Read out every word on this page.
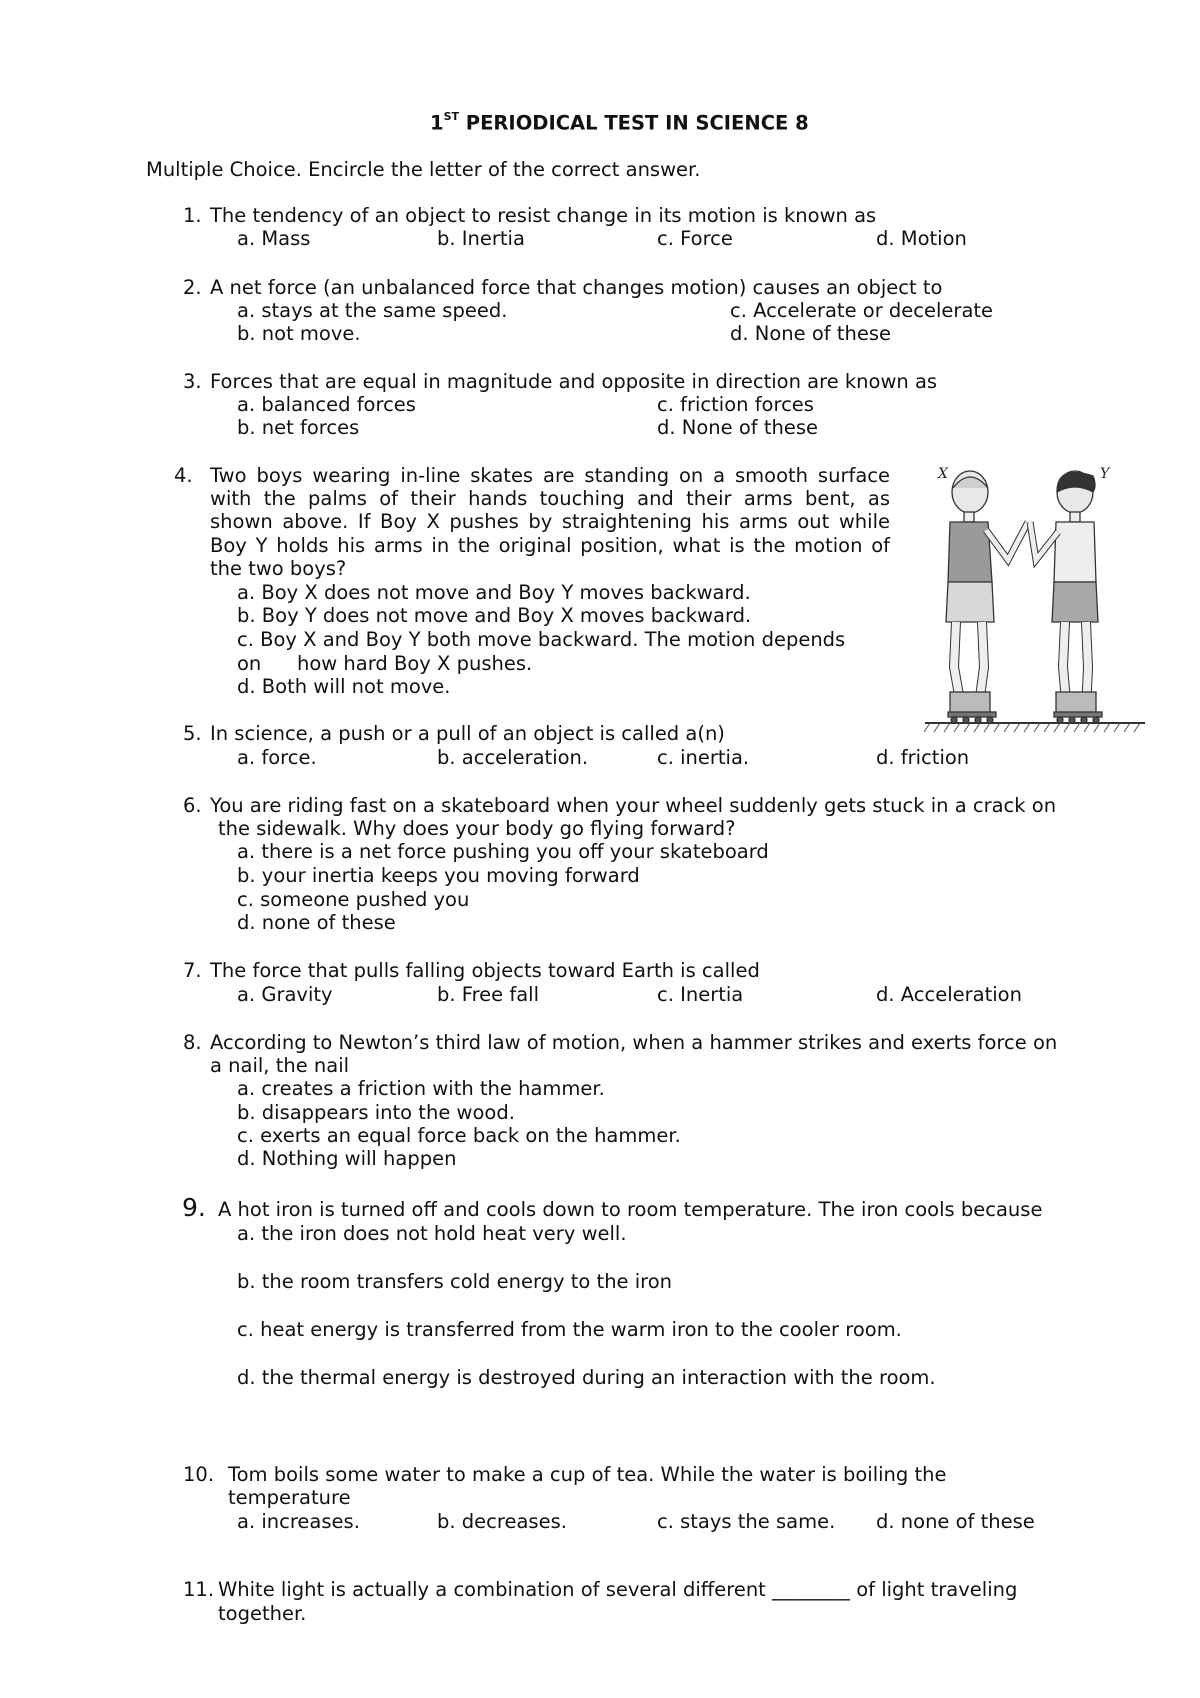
1ST PERIODICAL TEST IN SCIENCE 8
Multiple Choice. Encircle the letter of the correct answer.
1. The tendency of an object to resist change in its motion is known as
a. Mass	b. Inertia	c. Force	d. Motion
2. A net force (an unbalanced force that changes motion) causes an object to
a. stays at the same speed.	c. Accelerate or decelerate
b. not move.	d. None of these
3. Forces that are equal in magnitude and opposite in direction are known as
a. balanced forces	c. friction forces
b. net forces	d. None of these
4. Two boys wearing in-line skates are standing on a smooth surface
with the palms of their hands touching and their arms bent, as
shown above. If Boy X pushes by straightening his arms out while
Boy Y holds his arms in the original position, what is the motion of
the two boys?
a. Boy X does not move and Boy Y moves backward.
b. Boy Y does not move and Boy X moves backward.
c. Boy X and Boy Y both move backward. The motion depends
on how hard Boy X pushes.
d. Both will not move.
X	Y
5. In science, a push or a pull of an object is called a(n)
a. force.	b. acceleration.	c. inertia.	d. friction
6. You are riding fast on a skateboard when your wheel suddenly gets stuck in a crack on
the sidewalk. Why does your body go flying forward?
a. there is a net force pushing you off your skateboard
b. your inertia keeps you moving forward
c. someone pushed you
d. none of these
7. The force that pulls falling objects toward Earth is called
a. Gravity	b. Free fall	c. Inertia	d. Acceleration
8. According to Newton’s third law of motion, when a hammer strikes and exerts force on
a nail, the nail
a. creates a friction with the hammer.
b. disappears into the wood.
c. exerts an equal force back on the hammer.
d. Nothing will happen
9. A hot iron is turned off and cools down to room temperature. The iron cools because
a. the iron does not hold heat very well.
b. the room transfers cold energy to the iron
c. heat energy is transferred from the warm iron to the cooler room.
d. the thermal energy is destroyed during an interaction with the room.
10. Tom boils some water to make a cup of tea. While the water is boiling the
temperature
a. increases.	b. decreases.	c. stays the same. d. none of these
11. White light is actually a combination of several different ________ of light traveling
together.
